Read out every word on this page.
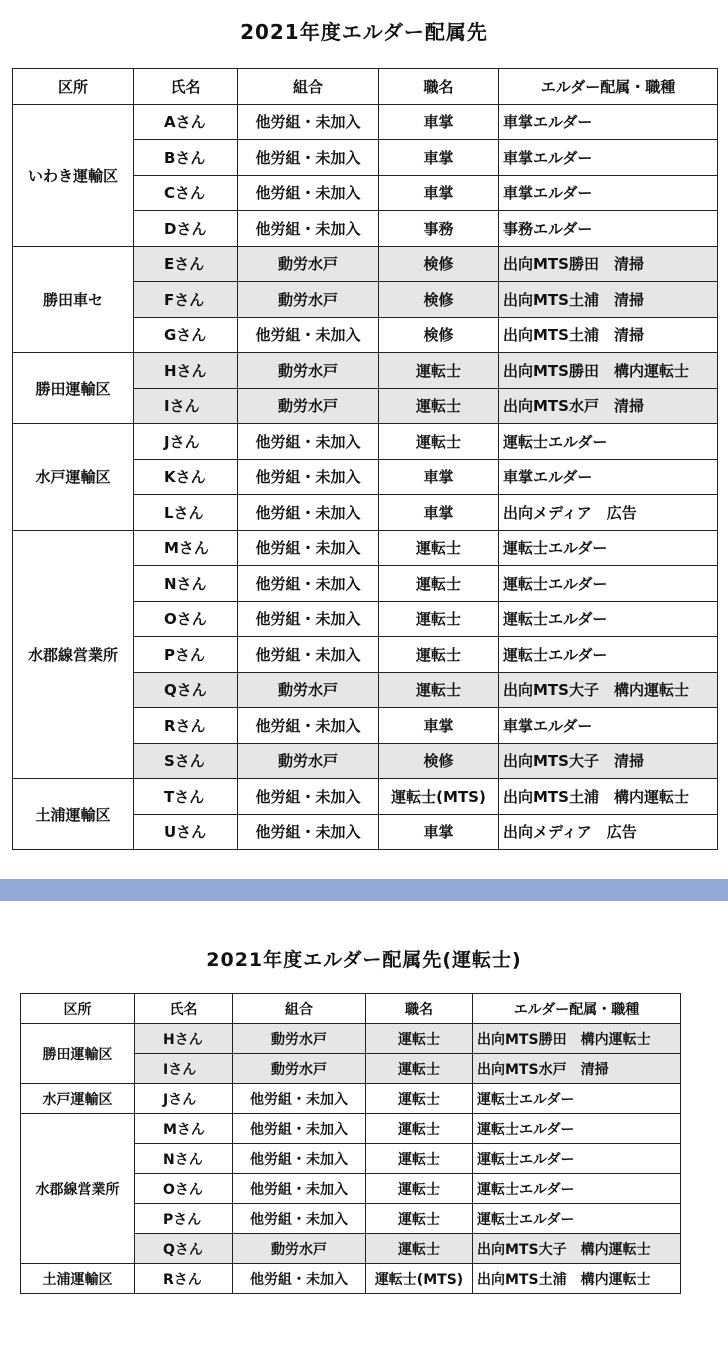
2021年度エルダー配属先
区所	氏名	組合	職名	エルダー配属・職種
いわき運輸区	Aさん	他労組・未加入	車掌	車掌エルダー
	Bさん	他労組・未加入	車掌	車掌エルダー
	Cさん	他労組・未加入	車掌	車掌エルダー
	Dさん	他労組・未加入	事務	事務エルダー
勝田車セ	Eさん	動労水戸	検修	出向MTS勝田　清掃
	Fさん	動労水戸	検修	出向MTS土浦　清掃
	Gさん	他労組・未加入	検修	出向MTS土浦　清掃
勝田運輸区	Hさん	動労水戸	運転士	出向MTS勝田　構内運転士
	Iさん	動労水戸	運転士	出向MTS水戸　清掃
水戸運輸区	Jさん	他労組・未加入	運転士	運転士エルダー
	Kさん	他労組・未加入	車掌	車掌エルダー
	Lさん	他労組・未加入	車掌	出向メディア　広告
水郡線営業所	Mさん	他労組・未加入	運転士	運転士エルダー
	Nさん	他労組・未加入	運転士	運転士エルダー
	Oさん	他労組・未加入	運転士	運転士エルダー
	Pさん	他労組・未加入	運転士	運転士エルダー
	Qさん	動労水戸	運転士	出向MTS大子　構内運転士
	Rさん	他労組・未加入	車掌	車掌エルダー
	Sさん	動労水戸	検修	出向MTS大子　清掃
土浦運輸区	Tさん	他労組・未加入	運転士(MTS)	出向MTS土浦　構内運転士
	Uさん	他労組・未加入	車掌	出向メディア　広告
2021年度エルダー配属先(運転士)
区所	氏名	組合	職名	エルダー配属・職種
勝田運輸区	Hさん	動労水戸	運転士	出向MTS勝田　構内運転士
	Iさん	動労水戸	運転士	出向MTS水戸　清掃
水戸運輸区	Jさん	他労組・未加入	運転士	運転士エルダー
水郡線営業所	Mさん	他労組・未加入	運転士	運転士エルダー
	Nさん	他労組・未加入	運転士	運転士エルダー
	Oさん	他労組・未加入	運転士	運転士エルダー
	Pさん	他労組・未加入	運転士	運転士エルダー
	Qさん	動労水戸	運転士	出向MTS大子　構内運転士
土浦運輸区	Rさん	他労組・未加入	運転士(MTS)	出向MTS土浦　構内運転士
